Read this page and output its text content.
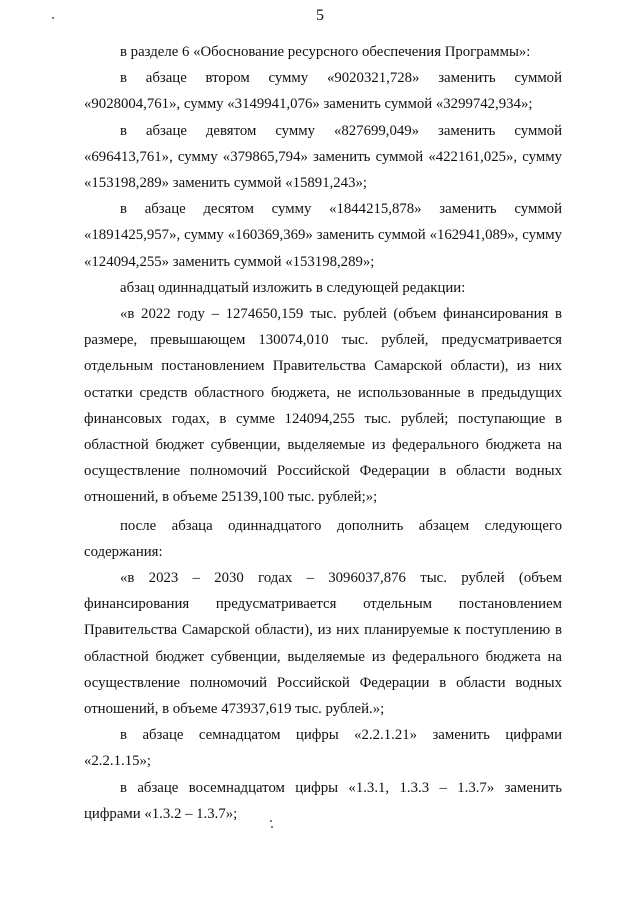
5

в разделе 6 «Обоснование ресурсного обеспечения Программы»:

в абзаце втором сумму «9020321,728» заменить суммой «9028004,761», сумму «3149941,076» заменить суммой «3299742,934»;

в абзаце девятом сумму «827699,049» заменить суммой «696413,761», сумму «379865,794» заменить суммой «422161,025», сумму «153198,289» заменить суммой «15891,243»;

в абзаце десятом сумму «1844215,878» заменить суммой «1891425,957», сумму «160369,369» заменить суммой «162941,089», сумму «124094,255» заменить суммой «153198,289»;

абзац одиннадцатый изложить в следующей редакции:

«в 2022 году – 1274650,159 тыс. рублей (объем финансирования в размере, превышающем 130074,010 тыс. рублей, предусматривается отдельным постановлением Правительства Самарской области), из них остатки средств областного бюджета, не использованные в предыдущих финансовых годах, в сумме 124094,255 тыс. рублей; поступающие в областной бюджет субвенции, выделяемые из федерального бюджета на осуществление полномочий Российской Федерации в области водных отношений, в объеме 25139,100 тыс. рублей;»;

после абзаца одиннадцатого дополнить абзацем следующего содержания:

«в 2023 – 2030 годах – 3096037,876 тыс. рублей (объем финансирования предусматривается отдельным постановлением Правительства Самарской области), из них планируемые к поступлению в областной бюджет субвенции, выделяемые из федерального бюджета на осуществление полномочий Российской Федерации в области водных отношений, в объеме 473937,619 тыс. рублей.»;

в абзаце семнадцатом цифры «2.2.1.21» заменить цифрами «2.2.1.15»;

в абзаце восемнадцатом цифры «1.3.1, 1.3.3 – 1.3.7» заменить цифрами «1.3.2 – 1.3.7»;
